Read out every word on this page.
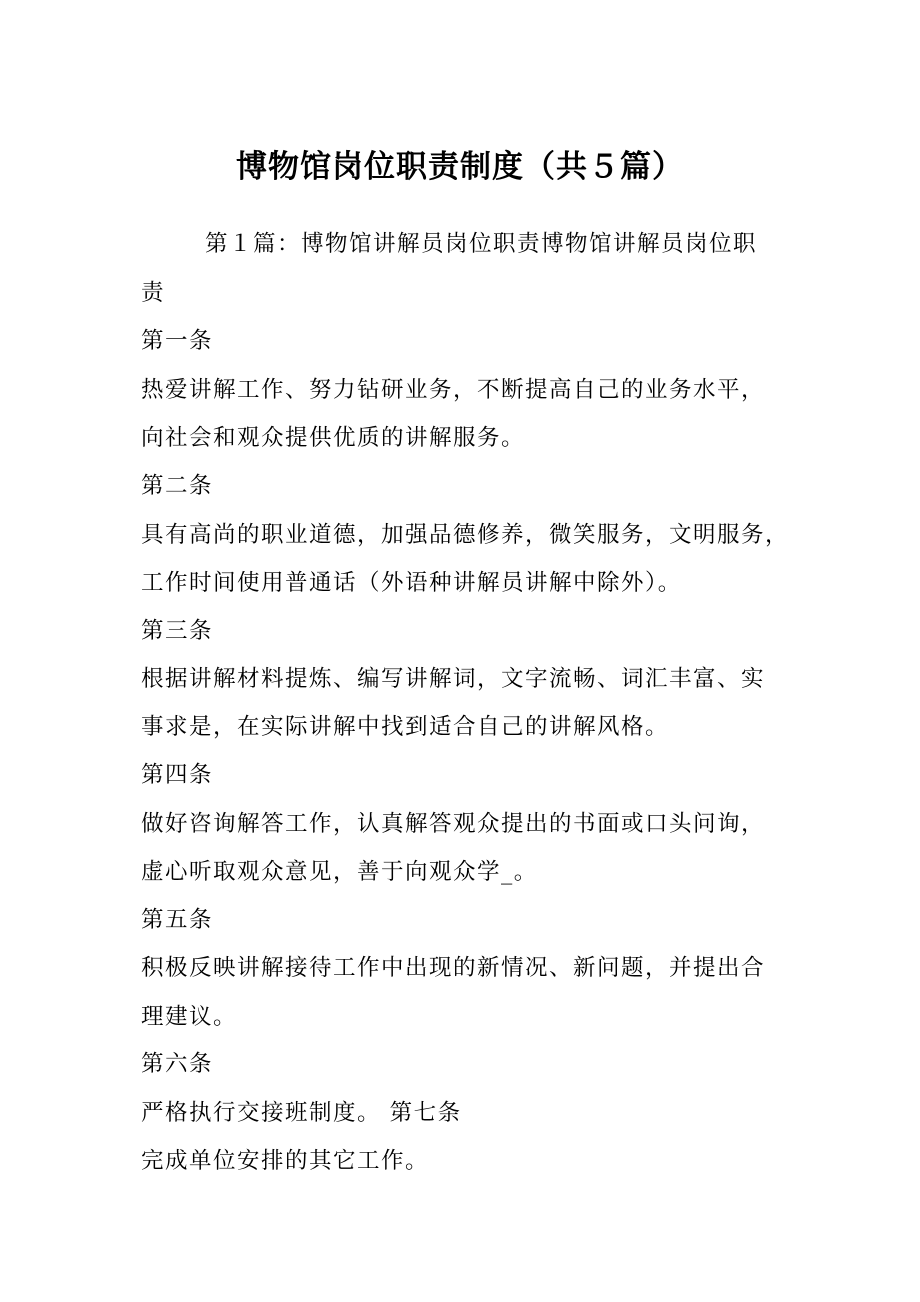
博物馆岗位职责制度（共５篇）
第１篇：博物馆讲解员岗位职责博物馆讲解员岗位职
责
第一条
热爱讲解工作、努力钻研业务，不断提高自己的业务水平，
向社会和观众提供优质的讲解服务。
第二条
具有高尚的职业道德，加强品德修养，微笑服务，文明服务，
工作时间使用普通话（外语种讲解员讲解中除外）。
第三条
根据讲解材料提炼、编写讲解词，文字流畅、词汇丰富、实
事求是，在实际讲解中找到适合自己的讲解风格。
第四条
做好咨询解答工作，认真解答观众提出的书面或口头问询，
虚心听取观众意见，善于向观众学_。
第五条
积极反映讲解接待工作中出现的新情况、新问题，并提出合
理建议。
第六条
严格执行交接班制度。 第七条
完成单位安排的其它工作。
